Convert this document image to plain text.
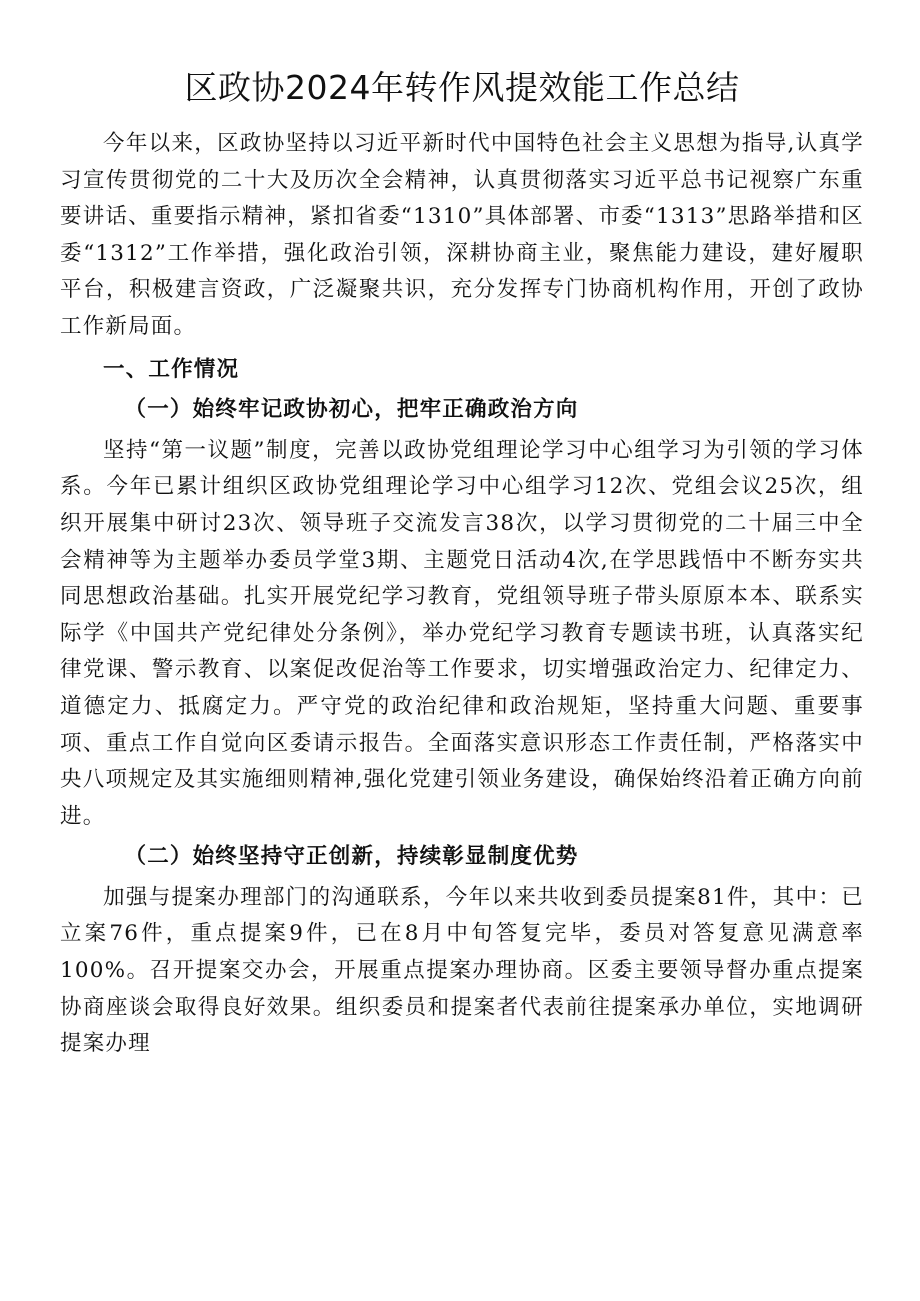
区政协2024年转作风提效能工作总结

今年以来，区政协坚持以习近平新时代中国特色社会主义思想为指导,认真学习宣传贯彻党的二十大及历次全会精神，认真贯彻落实习近平总书记视察广东重要讲话、重要指示精神，紧扣省委“1310”具体部署、市委“1313”思路举措和区委“1312”工作举措，强化政治引领，深耕协商主业，聚焦能力建设，建好履职平台，积极建言资政，广泛凝聚共识，充分发挥专门协商机构作用，开创了政协工作新局面。

一、工作情况
（一）始终牢记政协初心，把牢正确政治方向

坚持“第一议题”制度，完善以政协党组理论学习中心组学习为引领的学习体系。今年已累计组织区政协党组理论学习中心组学习12次、党组会议25次，组织开展集中研讨23次、领导班子交流发言38次，以学习贯彻党的二十届三中全会精神等为主题举办委员学堂3期、主题党日活动4次,在学思践悟中不断夯实共同思想政治基础。扎实开展党纪学习教育，党组领导班子带头原原本本、联系实际学《中国共产党纪律处分条例》，举办党纪学习教育专题读书班，认真落实纪律党课、警示教育、以案促改促治等工作要求，切实增强政治定力、纪律定力、道德定力、抵腐定力。严守党的政治纪律和政治规矩，坚持重大问题、重要事项、重点工作自觉向区委请示报告。全面落实意识形态工作责任制，严格落实中央八项规定及其实施细则精神,强化党建引领业务建设，确保始终沿着正确方向前进。

（二）始终坚持守正创新，持续彰显制度优势

加强与提案办理部门的沟通联系，今年以来共收到委员提案81件，其中：已立案76件，重点提案9件，已在8月中旬答复完毕，委员对答复意见满意率100%。召开提案交办会，开展重点提案办理协商。区委主要领导督办重点提案协商座谈会取得良好效果。组织委员和提案者代表前往提案承办单位，实地调研提案办理
